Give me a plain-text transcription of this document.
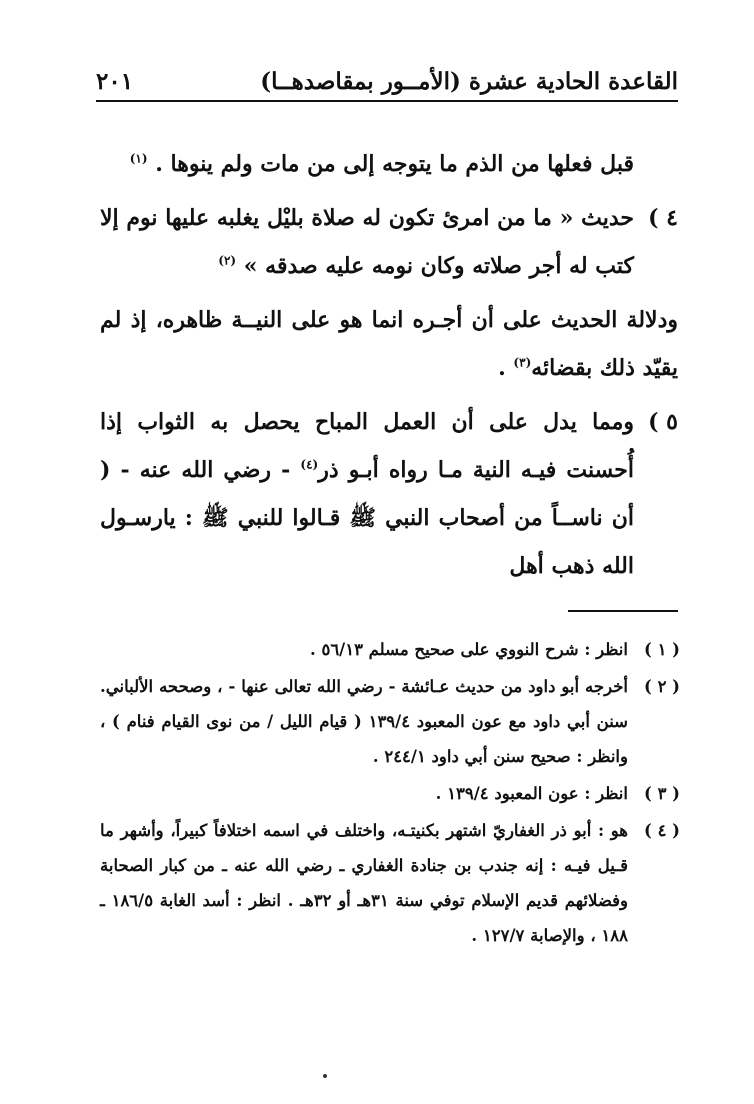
القاعدة الحادية عشرة (الأمــور بمقاصدهــا)
٢٠١

قبل فعلها من الذم ما يتوجه إلى من مات ولم ينوها . $^{(١)}$

٤ )
حديث « ما من امرئ تكون له صلاة بليْل يغلبه عليها نوم إلا كتب له أجر صلاته وكان نومه عليه صدقه » $^{(٢)}$

ودلالة الحديث على أن أجـره انما هو على النيــة ظاهره، إذ لم يقيّد ذلك بقضائه$^{(٣)}$ .

٥ )
ومما يدل على أن العمل المباح يحصل به الثواب إذا أُحسنت فيـه النية مـا رواه أبـو ذر$^{(٤)}$ - رضي الله عنه - ( أن ناســاً من أصحاب النبي ﷺ قـالوا للنبي ﷺ : يارسـول الله ذهب أهل

( ١ )
انظر : شرح النووي على صحيح مسلم ٥٦/١٣ .

( ٢ )
أخرجه أبو داود من حديث عـائشة - رضي الله تعالى عنها - ، وصححه الألباني. سنن أبي داود مع عون المعبود ١٣٩/٤ ( قيام الليل / من نوى القيام فنام ) ، وانظر : صحيح سنن أبي داود ٢٤٤/١ .

( ٣ )
انظر : عون المعبود ١٣٩/٤ .

( ٤ )
هو : أبو ذر الغفاريّ اشتهر بكنيتـه، واختلف في اسمه اختلافاً كبيراً، وأشهر ما قـيل فيـه : إنه جندب بن جنادة الغفاري ـ رضي الله عنه ـ من كبار الصحابة وفضلائهم قديم الإسلام توفي سنة ٣١هـ أو ٣٢هـ . انظر : أسد الغابة ١٨٦/٥ ـ ١٨٨ ، والإصابة ١٢٧/٧ .
